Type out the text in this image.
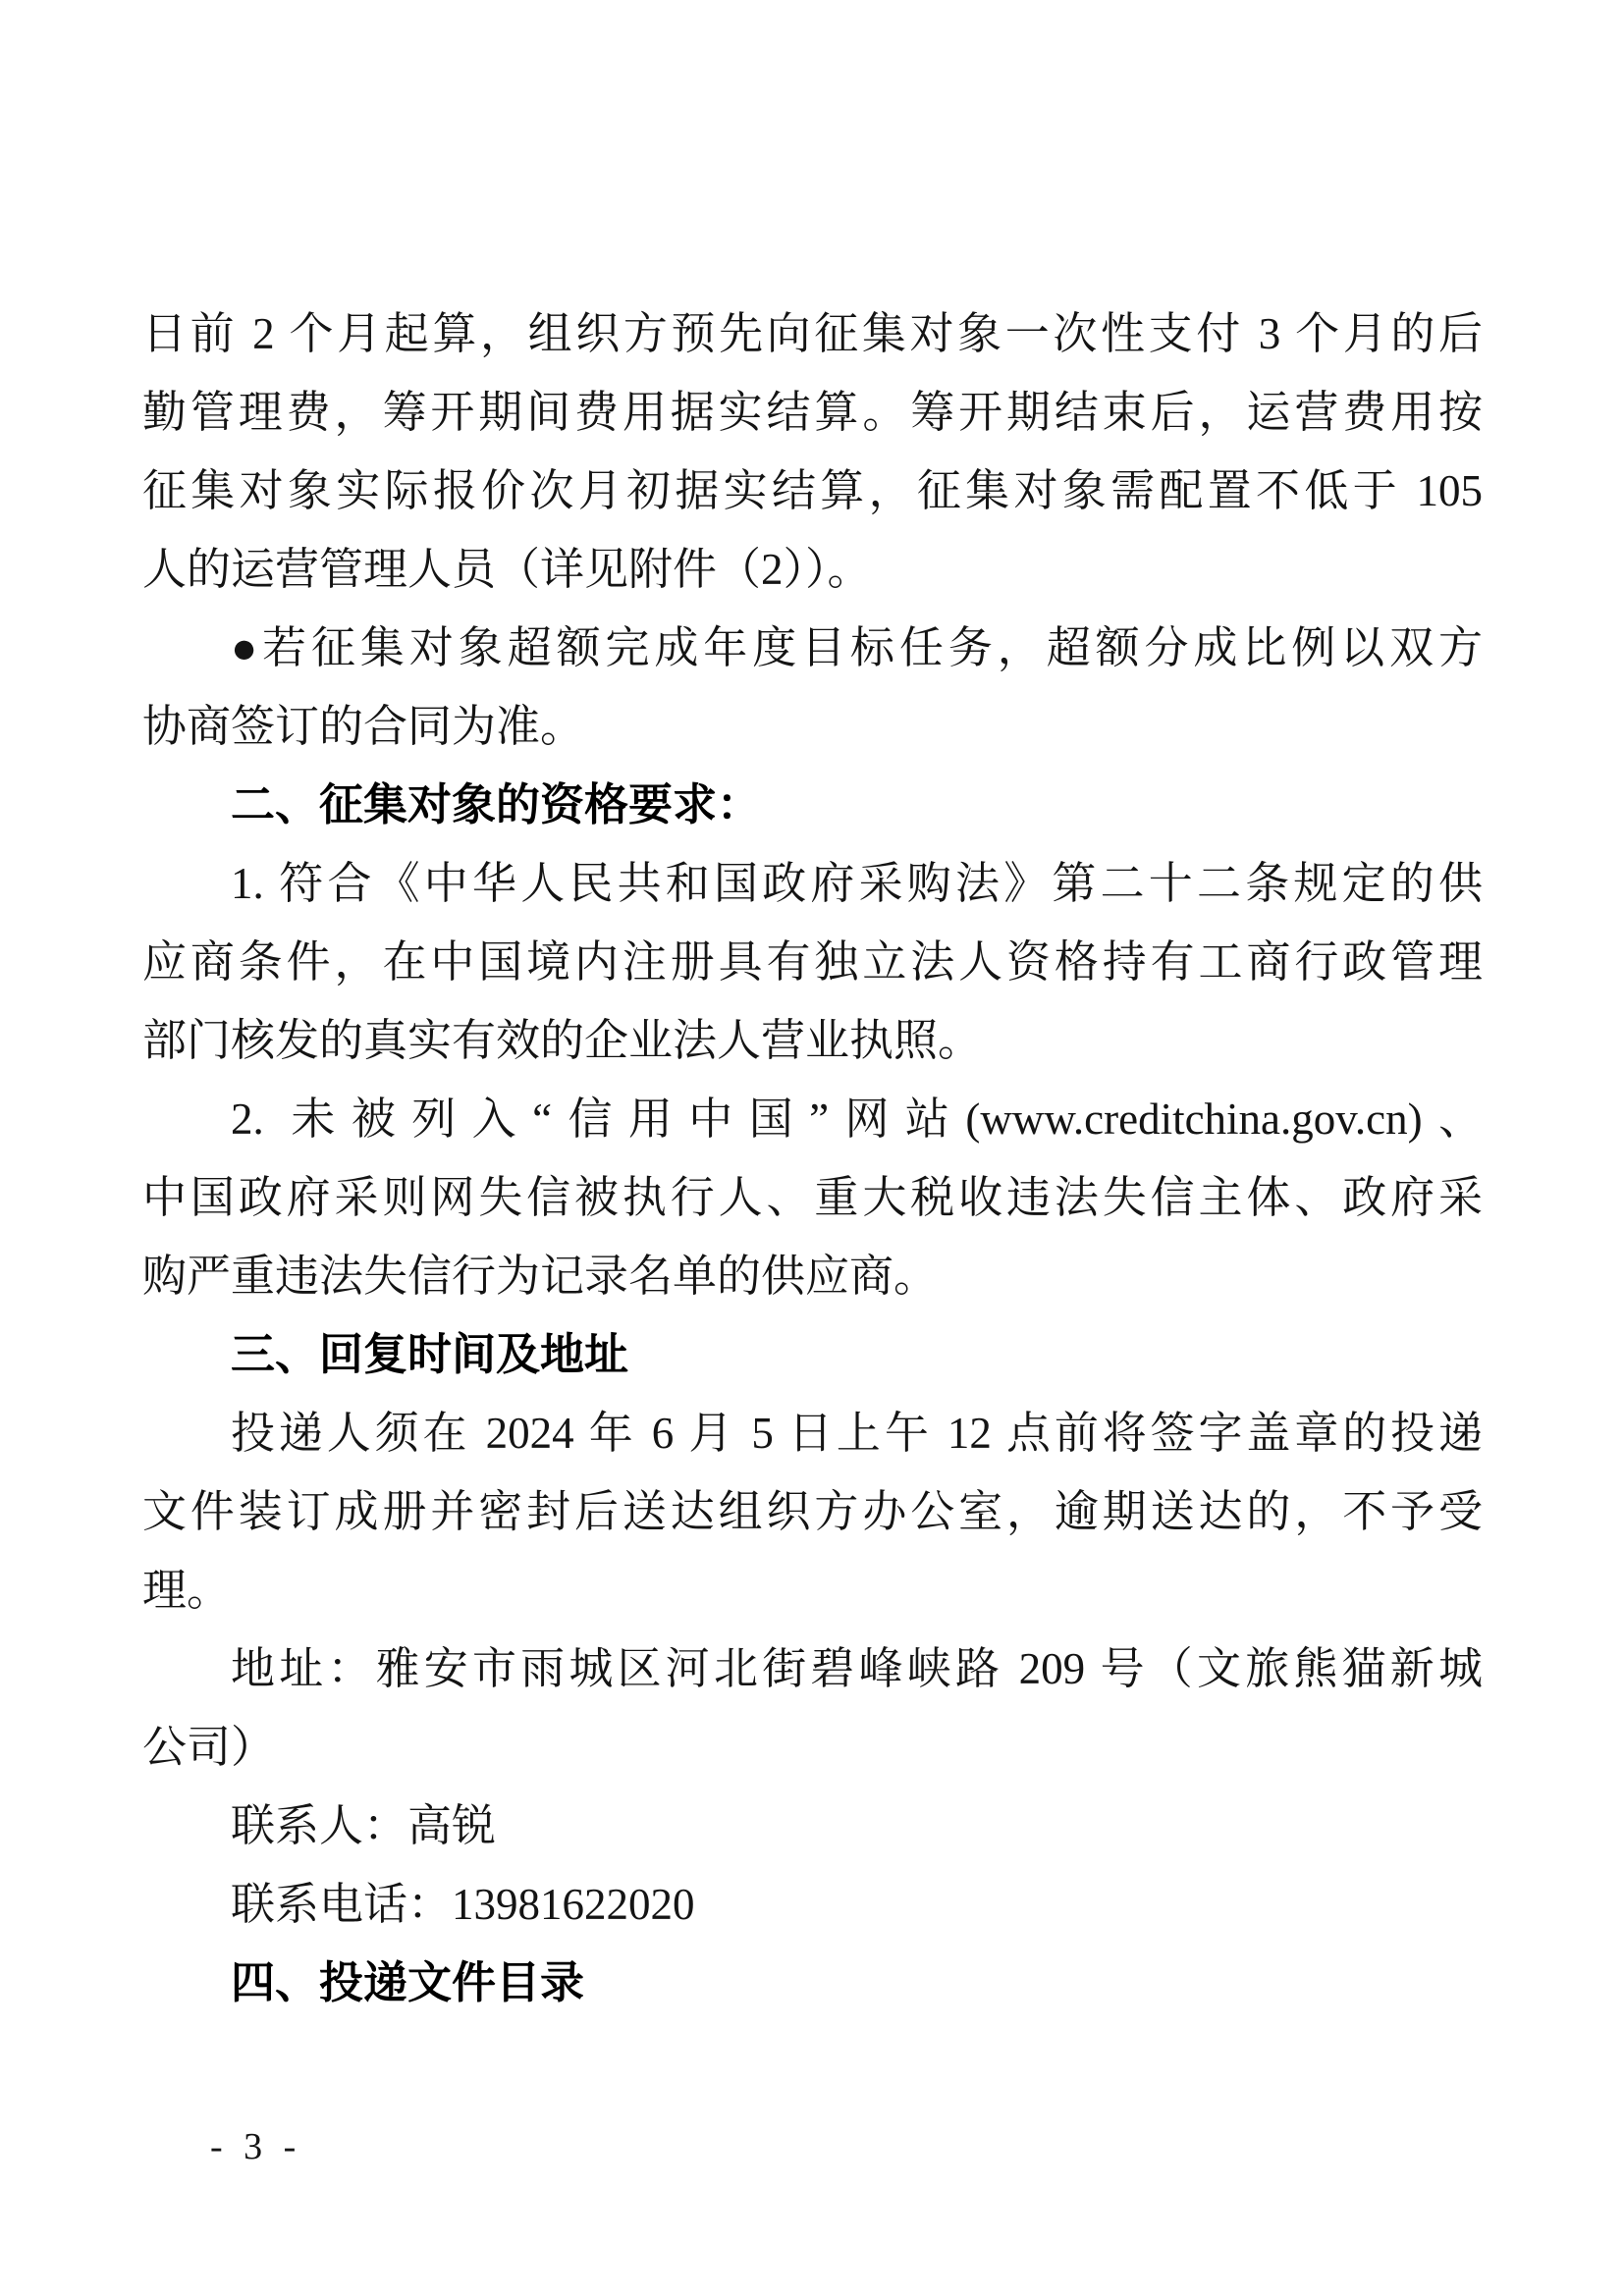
日前 2 个月起算，组织方预先向征集对象一次性支付 3 个月的后
勤管理费，筹开期间费用据实结算。筹开期结束后，运营费用按
征集对象实际报价次月初据实结算，征集对象需配置不低于 105
人的运营管理人员（详见附件（2））。
●若征集对象超额完成年度目标任务，超额分成比例以双方
协商签订的合同为准。
二、征集对象的资格要求：
1. 符合《中华人民共和国政府采购法》第二十二条规定的供
应商条件，在中国境内注册具有独立法人资格持有工商行政管理
部门核发的真实有效的企业法人营业执照。
2. 未被列入“信用中国”网站(www.creditchina.gov.cn)、
中国政府采则网失信被执行人、重大税收违法失信主体、政府采
购严重违法失信行为记录名单的供应商。
三、回复时间及地址
投递人须在 2024 年 6 月 5 日上午 12 点前将签字盖章的投递
文件装订成册并密封后送达组织方办公室，逾期送达的，不予受
理。
地址：雅安市雨城区河北街碧峰峡路 209 号（文旅熊猫新城
公司）
联系人：高锐
联系电话：13981622020
四、投递文件目录
- 3 -
